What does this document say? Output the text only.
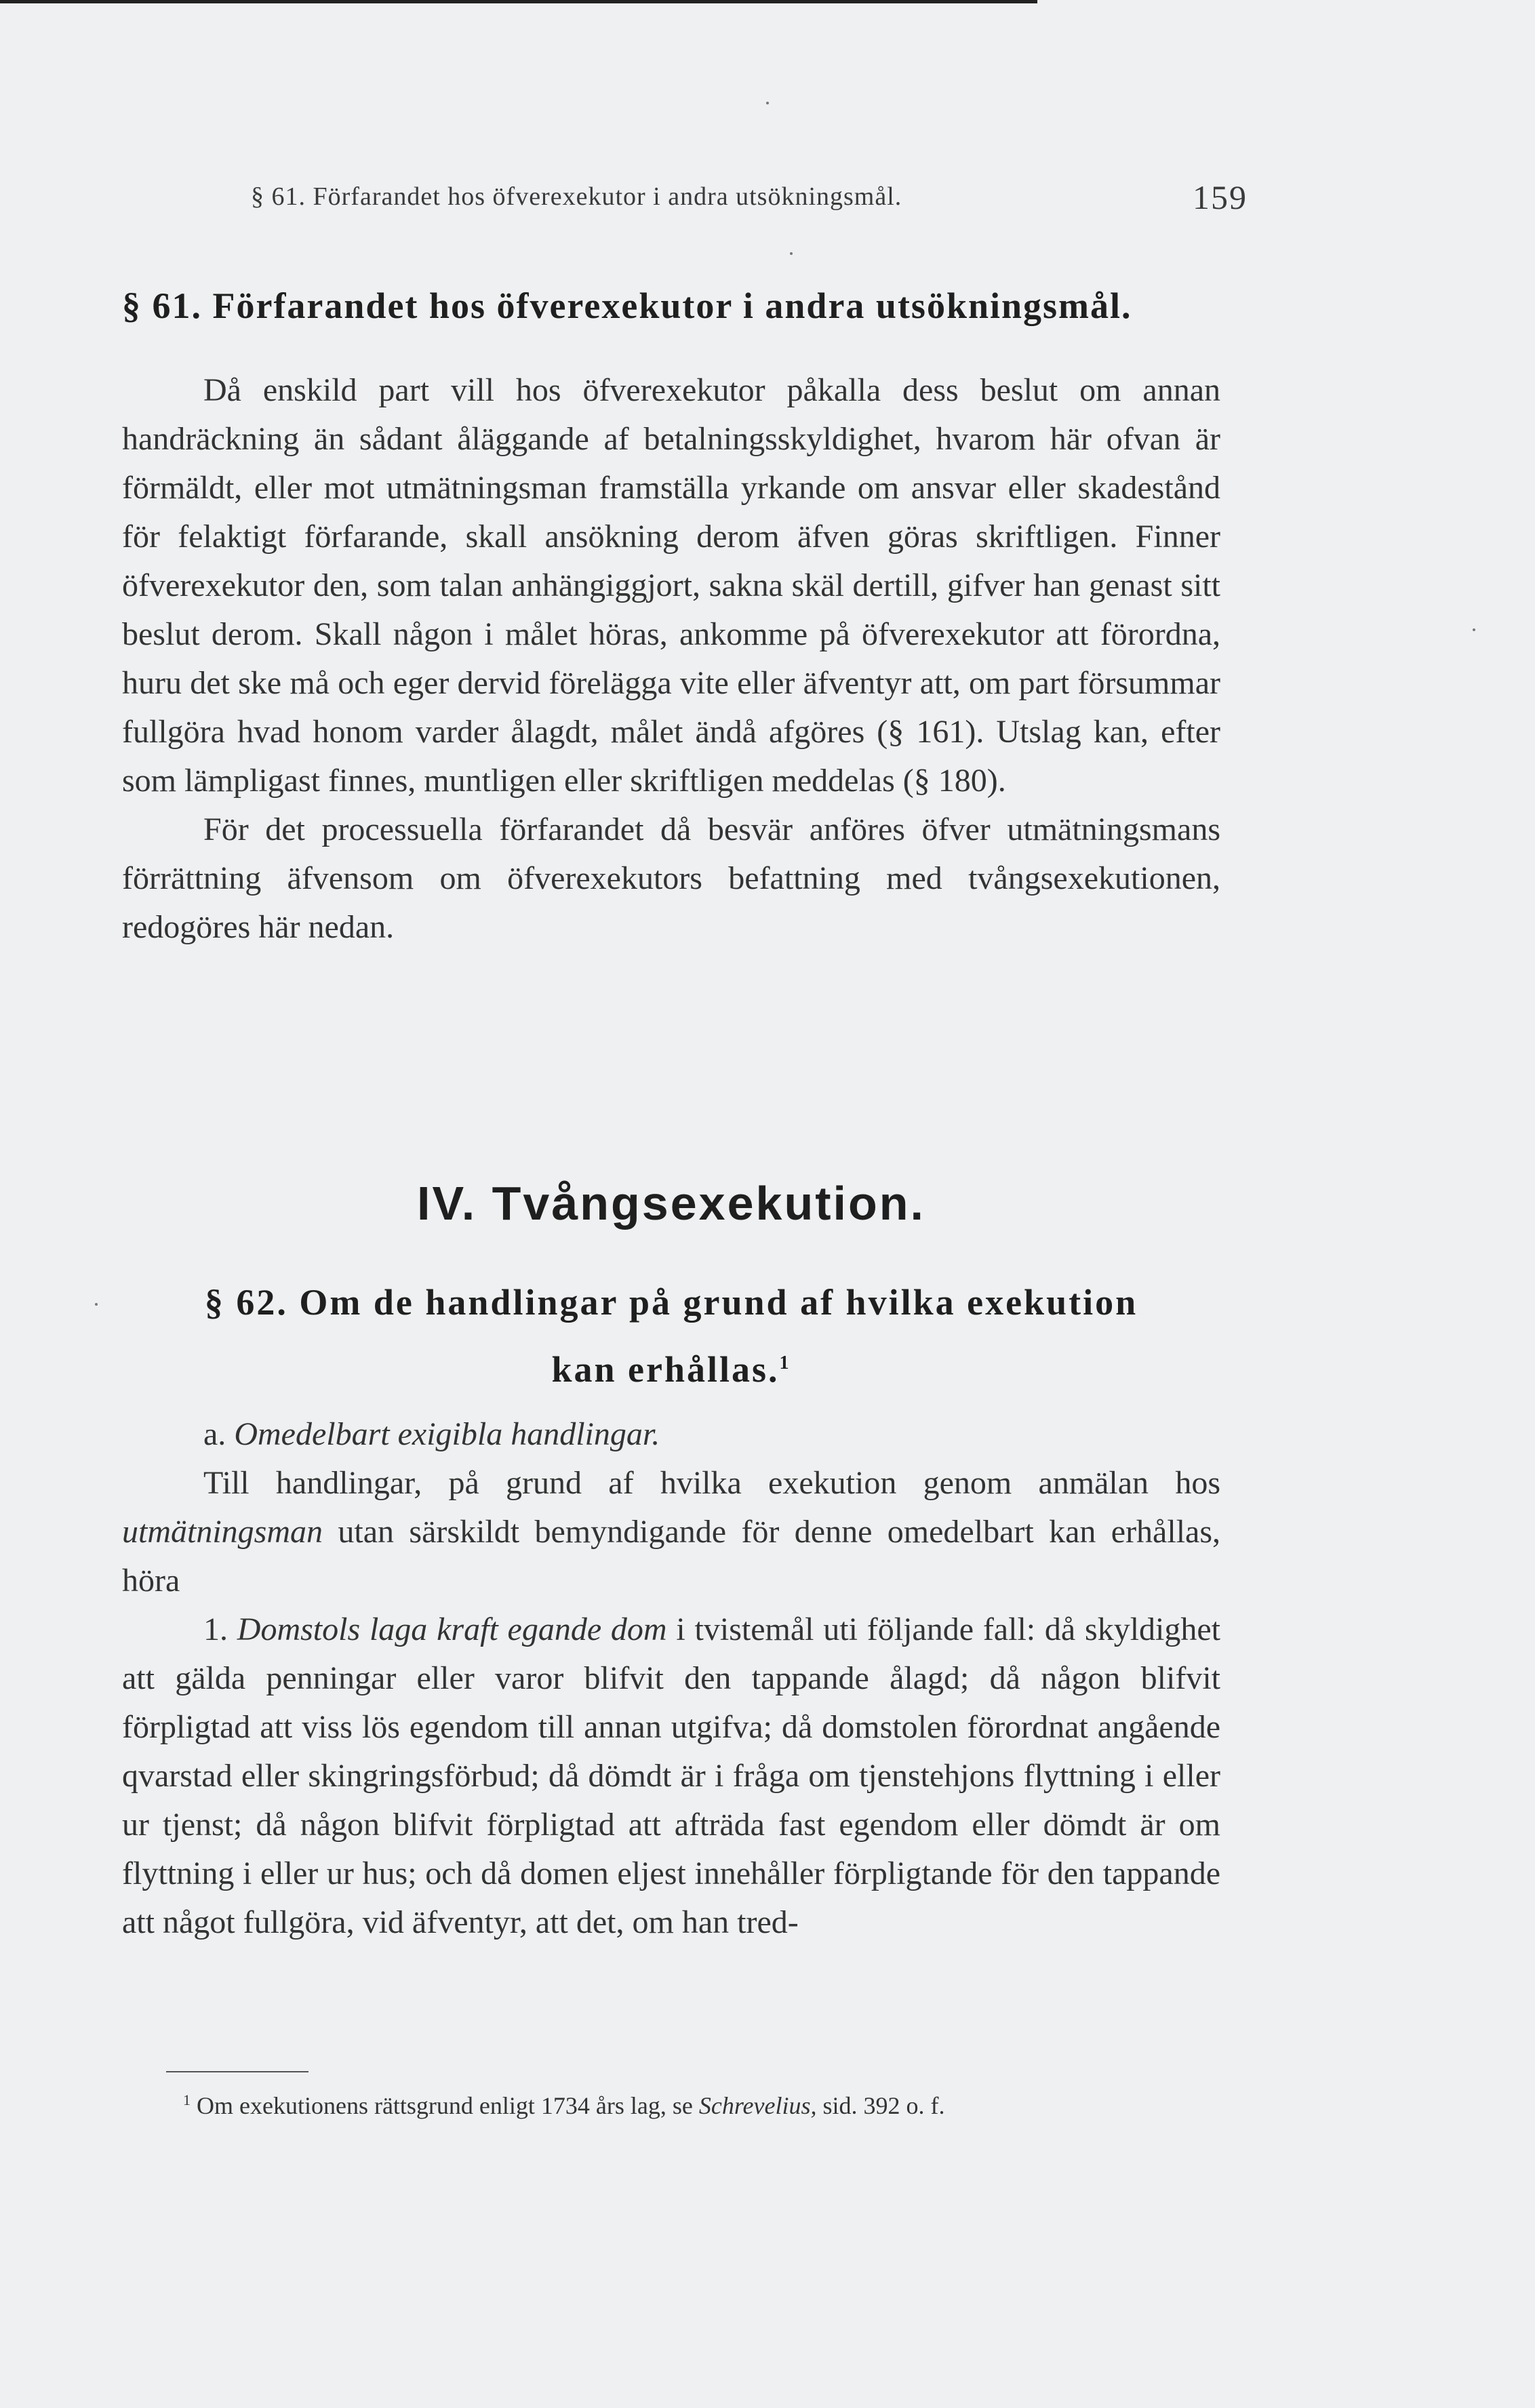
§ 61. Förfarandet hos öfverexekutor i andra utsökningsmål.	159
§ 61. Förfarandet hos öfverexekutor i andra utsökningsmål.
Då enskild part vill hos öfverexekutor påkalla dess beslut om annan handräckning än sådant åläggande af betalningsskyldighet, hvarom här ofvan är förmäldt, eller mot utmätningsman framställa yrkande om ansvar eller skadestånd för felaktigt förfarande, skall ansökning derom äfven göras skriftligen. Finner öfverexekutor den, som talan anhängiggjort, sakna skäl dertill, gifver han genast sitt beslut derom. Skall någon i målet höras, ankomme på öfverexekutor att förordna, huru det ske må och eger dervid förelägga vite eller äfventyr att, om part försummar fullgöra hvad honom varder ålagdt, målet ändå afgöres (§ 161). Utslag kan, efter som lämpligast finnes, muntligen eller skriftligen meddelas (§ 180).
För det processuella förfarandet då besvär anföres öfver utmätningsmans förrättning äfvensom om öfverexekutors befattning med tvångsexekutionen, redogöres här nedan.
IV. Tvångsexekution.
§ 62. Om de handlingar på grund af hvilka exekution
kan erhållas.$^1$
a. Omedelbart exigibla handlingar.
Till handlingar, på grund af hvilka exekution genom anmälan hos utmätningsman utan särskildt bemyndigande för denne omedelbart kan erhållas, höra
1. Domstols laga kraft egande dom i tvistemål uti följande fall: då skyldighet att gälda penningar eller varor blifvit den tappande ålagd; då någon blifvit förpligtad att viss lös egendom till annan utgifva; då domstolen förordnat angående qvarstad eller skingringsförbud; då dömdt är i fråga om tjenstehjons flyttning i eller ur tjenst; då någon blifvit förpligtad att afträda fast egendom eller dömdt är om flyttning i eller ur hus; och då domen eljest innehåller förpligtande för den tappande att något fullgöra, vid äfventyr, att det, om han tred-
$^1$ Om exekutionens rättsgrund enligt 1734 års lag, se Schrevelius, sid. 392 o. f.
